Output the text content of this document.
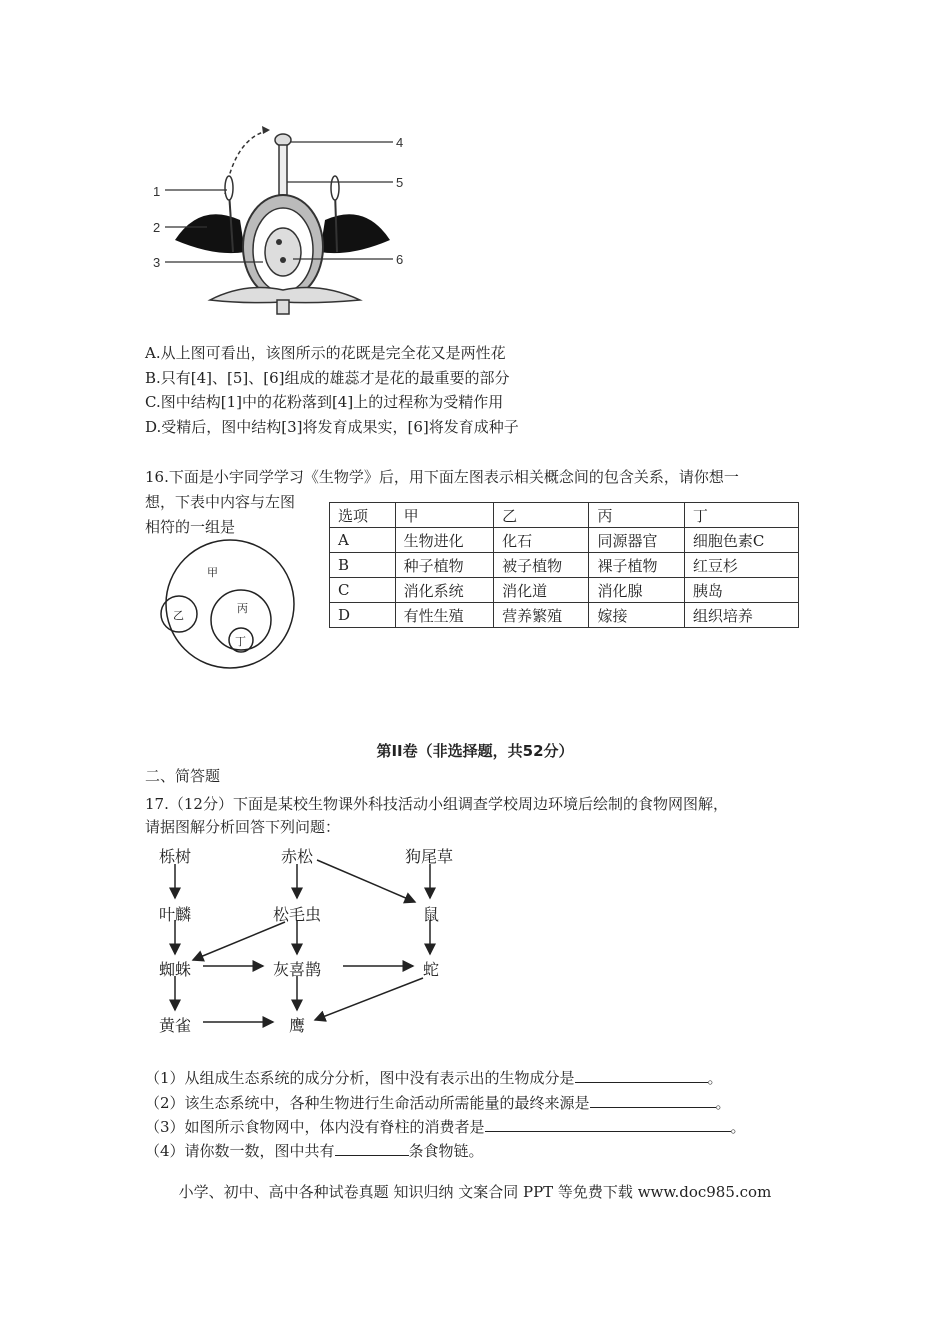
1
2
3
4
5
6
A.从上图可看出，该图所示的花既是完全花又是两性花
B.只有[4]、[5]、[6]组成的雄蕊才是花的最重要的部分
C.图中结构[1]中的花粉落到[4]上的过程称为受精作用
D.受精后，图中结构[3]将发育成果实，[6]将发育成种子
16.下面是小宇同学学习《生物学》后，用下面左图表示相关概念间的包含关系，请你想一
想，下表中内容与左图
相符的一组是
甲
乙
丙
丁
选项	甲	乙	丙	丁
A	生物进化	化石	同源器官	细胞色素C
B	种子植物	被子植物	裸子植物	红豆杉
C	消化系统	消化道	消化腺	胰岛
D	有性生殖	营养繁殖	嫁接	组织培养
第II卷（非选择题，共52分）
二、简答题
17.（12分）下面是某校生物课外科技活动小组调查学校周边环境后绘制的食物网图解，
请据图解分析回答下列问题：
栎树	赤松	狗尾草
叶麟	松毛虫	鼠
蜘蛛	灰喜鹊	蛇
黄雀	鹰
（1）从组成生态系统的成分分析，图中没有表示出的生物成分是	。
（2）该生态系统中，各种生物进行生命活动所需能量的最终来源是	。
（3）如图所示食物网中，体内没有脊柱的消费者是	。
（4）请你数一数，图中共有	条食物链。
小学、初中、高中各种试卷真题 知识归纳 文案合同 PPT 等免费下载 www.doc985.com
